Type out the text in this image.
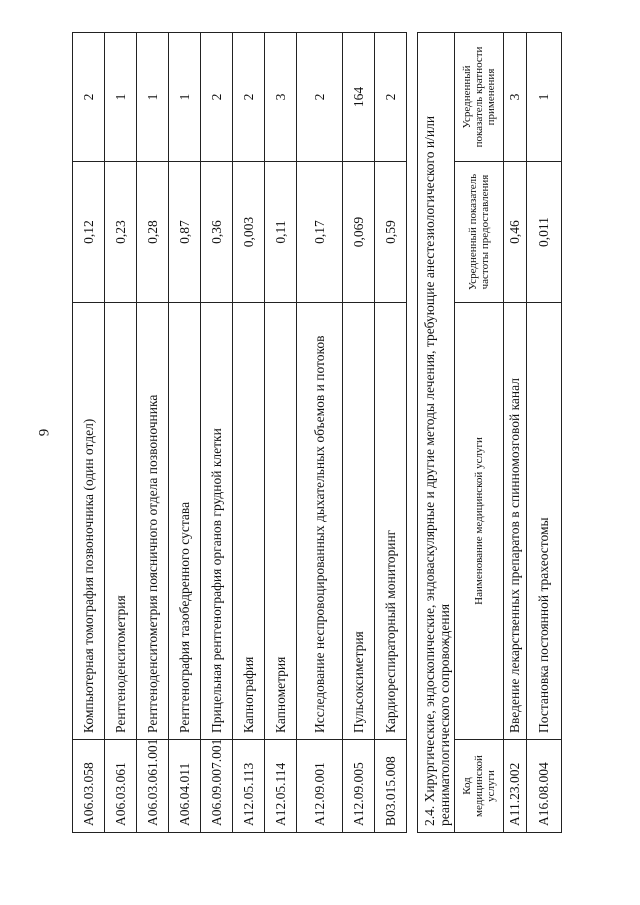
9
A06.03.058	Компьютерная томография позвоночника (один отдел)	0,12	2
A06.03.061	Рентгеноденситометрия	0,23	1
A06.03.061.001	Рентгеноденситометрия поясничного отдела позвоночника	0,28	1
A06.04.011	Рентгенография тазобедренного сустава	0,87	1
A06.09.007.001	Прицельная рентгенография органов грудной клетки	0,36	2
A12.05.113	Капнография	0,003	2
A12.05.114	Капнометрия	0,11	3
A12.09.001	Исследование неспровоцированных дыхательных объемов и потоков	0,17	2
A12.09.005	Пульсоксиметрия	0,069	164
B03.015.008	Кардиореспираторный мониторинг	0,59	2
2.4. Хирургические, эндоскопические, эндоваскулярные и другие методы лечения, требующие анестезиологического и/или реаниматологического сопровождения			
Код медицинской услуги	Наименование медицинской услуги	Усредненный показатель частоты предоставления	Усредненный показатель кратности применения
A11.23.002	Введение лекарственных препаратов в спинномозговой канал	0,46	3
A16.08.004	Постановка постоянной трахеостомы	0,011	1
